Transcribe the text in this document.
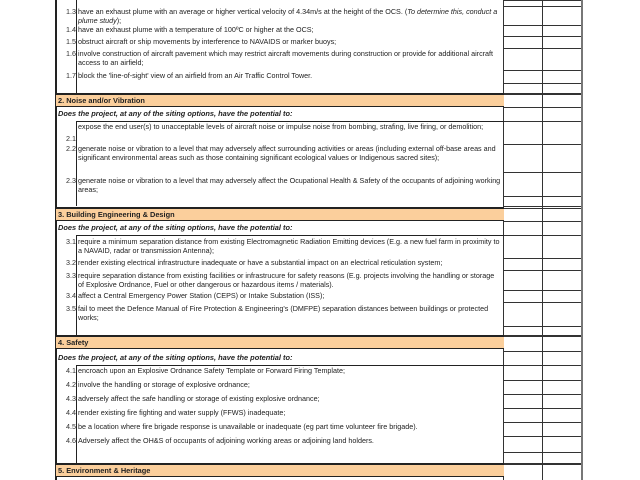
1.3 have an exhaust plume with an average or higher vertical velocity of 4.34m/s at the height of the OCS. (To determine this, conduct a plume study);
1.4 have an exhaust plume with a temperature of 100ºC or higher at the OCS;
1.5 obstruct aircraft or ship movements by interference to NAVAIDS or marker buoys;
1.6 involve construction of aircraft pavement which may restrict aircraft movements during construction or provide for additional aircraft access to an airfield;
1.7 block the 'line-of-sight' view of an airfield from an Air Traffic Control Tower.
2. Noise and/or Vibration
Does the project, at any of the siting options, have the potential to:
2.1
expose the end user(s) to unacceptable levels of aircraft noise or impulse noise from bombing, strafing, live firing, or demolition;
2.2 generate noise or vibration to a level that may adversely affect surrounding activities or areas (including external off-base areas and significant environmental areas such as those containing significant ecological values or Indigenous sacred sites);
2.3 generate noise or vibration to a level that may adversely affect the Ocupational Health & Safety of the occupants of adjoining working areas;
3. Building Engineering & Design
Does the project, at any of the siting options, have the potential to:
3.1 require a minimum separation distance from existing Electromagnetic Radiation Emitting devices (E.g. a new fuel farm in proximity to a NAVAID, radar or transmission Antenna);
3.2 render existing electrical infrastructure inadequate or have a substantial impact on an electrical reticulation system;
3.3 require separation distance from existing facilities or infrastrucure for safety reasons (E.g. projects involving the handling or storage of Explosive Ordnance, Fuel or other dangerous or hazardous items / materials).
3.4 affect a Central Emergency Power Station (CEPS) or Intake Substation (ISS);
3.5 fail to meet the Defence Manual of Fire Protection & Engineering's (DMFPE) separation distances between buildings or protected works;
4. Safety
Does the project, at any of the siting options, have the potential to:
4.1 encroach upon an Explosive Ordnance Safety Template or Forward Firing Template;
4.2 involve the handling or storage of explosive ordnance;
4.3 adversely affect the safe handling or storage of existing explosive ordnance;
4.4 render existing fire fighting and water supply (FFWS) inadequate;
4.5 be a location where fire brigade response is unavailable or inadequate (eg part time volunteer fire brigade).
4.6 Adversely affect the OH&S of occupants of adjoining working areas or adjoining land holders.
5. Environment & Heritage
